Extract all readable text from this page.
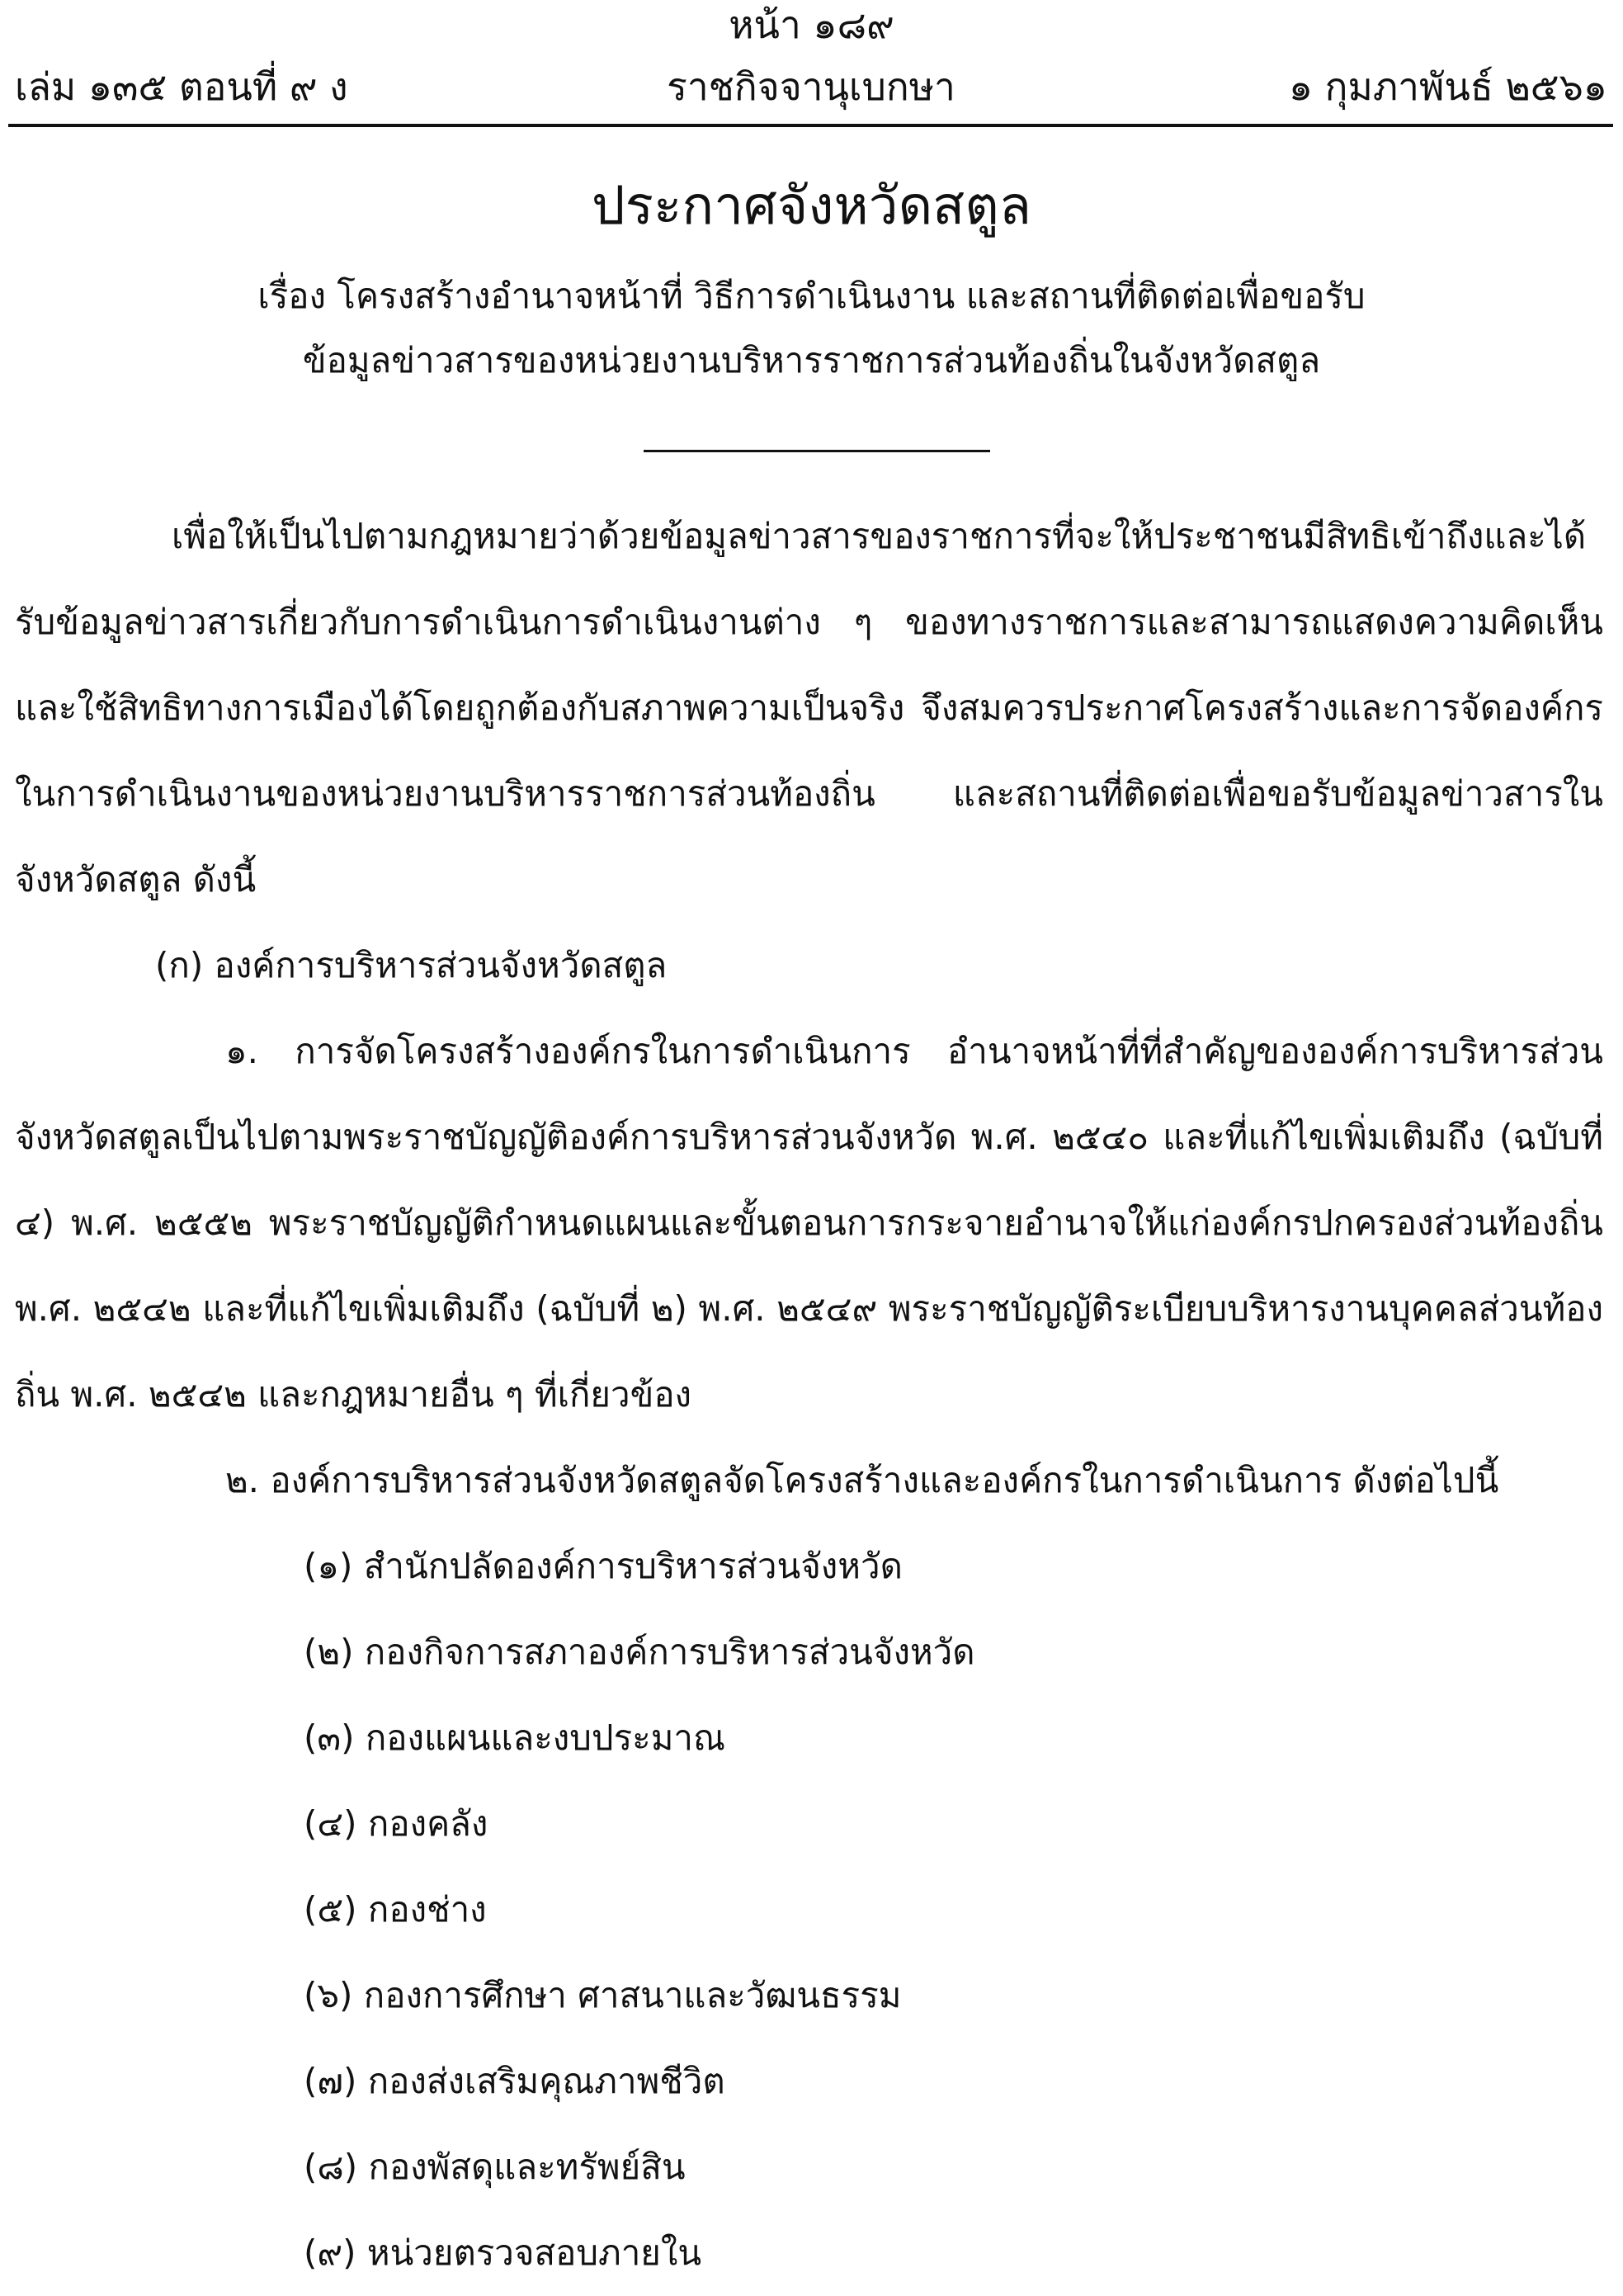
หน้า ๑๘๙
ราชกิจจานุเบกษา
เล่ม ๑๓๕ ตอนที่ ๙ ง	๑ กุมภาพันธ์ ๒๕๖๑
ประกาศจังหวัดสตูล
เรื่อง โครงสร้างอำนาจหน้าที่ วิธีการดำเนินงาน และสถานที่ติดต่อเพื่อขอรับ
ข้อมูลข่าวสารของหน่วยงานบริหารราชการส่วนท้องถิ่นในจังหวัดสตูล

เพื่อให้เป็นไปตามกฎหมายว่าด้วยข้อมูลข่าวสารของราชการที่จะให้ประชาชนมีสิทธิเข้าถึงและได้รับข้อมูลข่าวสารเกี่ยวกับการดำเนินการดำเนินงานต่าง ๆ ของทางราชการและสามารถแสดงความคิดเห็นและใช้สิทธิทางการเมืองได้โดยถูกต้องกับสภาพความเป็นจริง จึงสมควรประกาศโครงสร้างและการจัดองค์กรในการดำเนินงานของหน่วยงานบริหารราชการส่วนท้องถิ่น และสถานที่ติดต่อเพื่อขอรับข้อมูลข่าวสารในจังหวัดสตูล ดังนี้

(ก) องค์การบริหารส่วนจังหวัดสตูล

๑. การจัดโครงสร้างองค์กรในการดำเนินการ อำนาจหน้าที่ที่สำคัญขององค์การบริหารส่วนจังหวัดสตูลเป็นไปตามพระราชบัญญัติองค์การบริหารส่วนจังหวัด พ.ศ. ๒๕๔๐ และที่แก้ไขเพิ่มเติมถึง (ฉบับที่ ๔) พ.ศ. ๒๕๕๒ พระราชบัญญัติกำหนดแผนและขั้นตอนการกระจายอำนาจให้แก่องค์กรปกครองส่วนท้องถิ่น พ.ศ. ๒๕๔๒ และที่แก้ไขเพิ่มเติมถึง (ฉบับที่ ๒) พ.ศ. ๒๕๔๙ พระราชบัญญัติระเบียบบริหารงานบุคคลส่วนท้องถิ่น พ.ศ. ๒๕๔๒ และกฎหมายอื่น ๆ ที่เกี่ยวข้อง

๒. องค์การบริหารส่วนจังหวัดสตูลจัดโครงสร้างและองค์กรในการดำเนินการ ดังต่อไปนี้

(๑) สำนักปลัดองค์การบริหารส่วนจังหวัด

(๒) กองกิจการสภาองค์การบริหารส่วนจังหวัด

(๓) กองแผนและงบประมาณ

(๔) กองคลัง

(๕) กองช่าง

(๖) กองการศึกษา ศาสนาและวัฒนธรรม

(๗) กองส่งเสริมคุณภาพชีวิต

(๘) กองพัสดุและทรัพย์สิน

(๙) หน่วยตรวจสอบภายใน
